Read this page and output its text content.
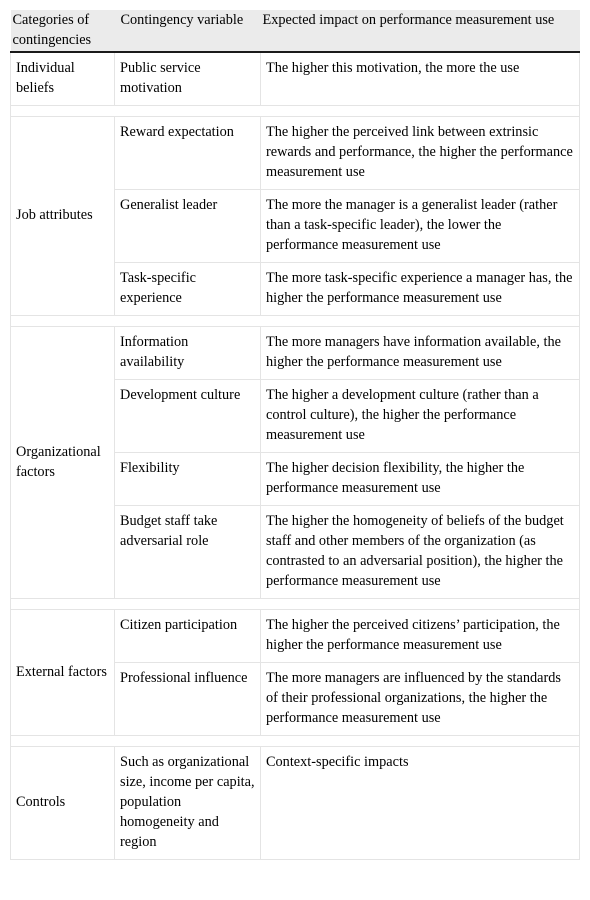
Categories of contingencies	Contingency variable	Expected impact on performance measurement use
Individual beliefs	Public service motivation	The higher this motivation, the more the use

Job attributes	Reward expectation	The higher the perceived link between extrinsic rewards and performance, the higher the performance measurement use
	Generalist leader	The more the manager is a generalist leader (rather than a task-specific leader), the lower the performance measurement use
	Task-specific experience	The more task-specific experience a manager has, the higher the performance measurement use

Organizational factors	Information availability	The more managers have information available, the higher the performance measurement use
	Development culture	The higher a development culture (rather than a control culture), the higher the performance measurement use
	Flexibility	The higher decision flexibility, the higher the performance measurement use
	Budget staff take adversarial role	The higher the homogeneity of beliefs of the budget staff and other members of the organization (as contrasted to an adversarial position), the higher the performance measurement use

External factors	Citizen participation	The higher the perceived citizens’ participation, the higher the performance measurement use
	Professional influence	The more managers are influenced by the standards of their professional organizations, the higher the performance measurement use

Controls	Such as organizational size, income per capita, population homogeneity and region	Context-specific impacts
